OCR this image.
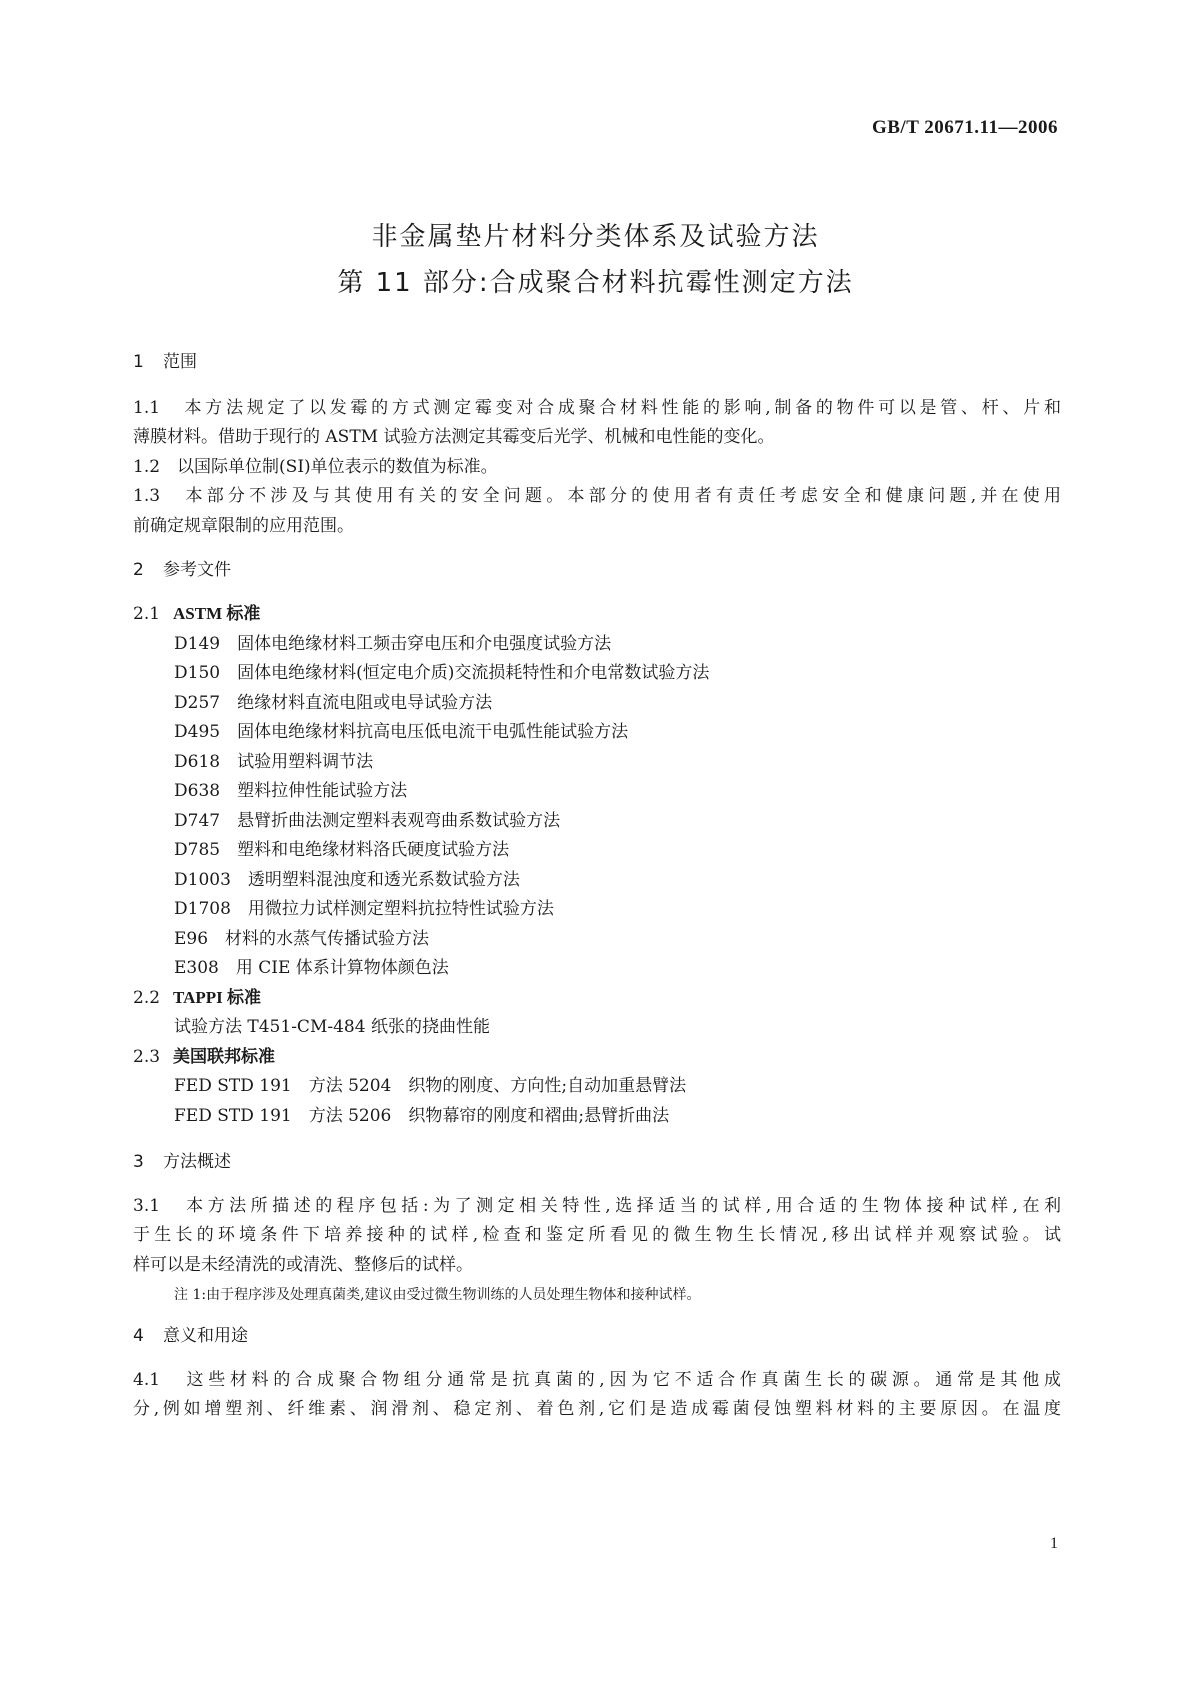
GB/T 20671.11—2006
非金属垫片材料分类体系及试验方法
第 11 部分:合成聚合材料抗霉性测定方法
1 范围
1.1　本方法规定了以发霉的方式测定霉变对合成聚合材料性能的影响,制备的物件可以是管、杆、片和
薄膜材料。借助于现行的 ASTM 试验方法测定其霉变后光学、机械和电性能的变化。
1.2　以国际单位制(SI)单位表示的数值为标准。
1.3　本部分不涉及与其使用有关的安全问题。本部分的使用者有责任考虑安全和健康问题,并在使用
前确定规章限制的应用范围。
2 参考文件
2.1 ASTM 标准
D149　固体电绝缘材料工频击穿电压和介电强度试验方法
D150　固体电绝缘材料(恒定电介质)交流损耗特性和介电常数试验方法
D257　绝缘材料直流电阻或电导试验方法
D495　固体电绝缘材料抗高电压低电流干电弧性能试验方法
D618　试验用塑料调节法
D638　塑料拉伸性能试验方法
D747　悬臂折曲法测定塑料表观弯曲系数试验方法
D785　塑料和电绝缘材料洛氏硬度试验方法
D1003　透明塑料混浊度和透光系数试验方法
D1708　用微拉力试样测定塑料抗拉特性试验方法
E96　材料的水蒸气传播试验方法
E308　用 CIE 体系计算物体颜色法
2.2 TAPPI 标准
试验方法 T451-CM-484 纸张的挠曲性能
2.3 美国联邦标准
FED STD 191　方法 5204　织物的刚度、方向性;自动加重悬臂法
FED STD 191　方法 5206　织物幕帘的刚度和褶曲;悬臂折曲法
3 方法概述
3.1　本方法所描述的程序包括:为了测定相关特性,选择适当的试样,用合适的生物体接种试样,在利
于生长的环境条件下培养接种的试样,检查和鉴定所看见的微生物生长情况,移出试样并观察试验。试
样可以是未经清洗的或清洗、整修后的试样。
注 1:由于程序涉及处理真菌类,建议由受过微生物训练的人员处理生物体和接种试样。
4 意义和用途
4.1　这些材料的合成聚合物组分通常是抗真菌的,因为它不适合作真菌生长的碳源。通常是其他成
分,例如增塑剂、纤维素、润滑剂、稳定剂、着色剂,它们是造成霉菌侵蚀塑料材料的主要原因。在温度
1
